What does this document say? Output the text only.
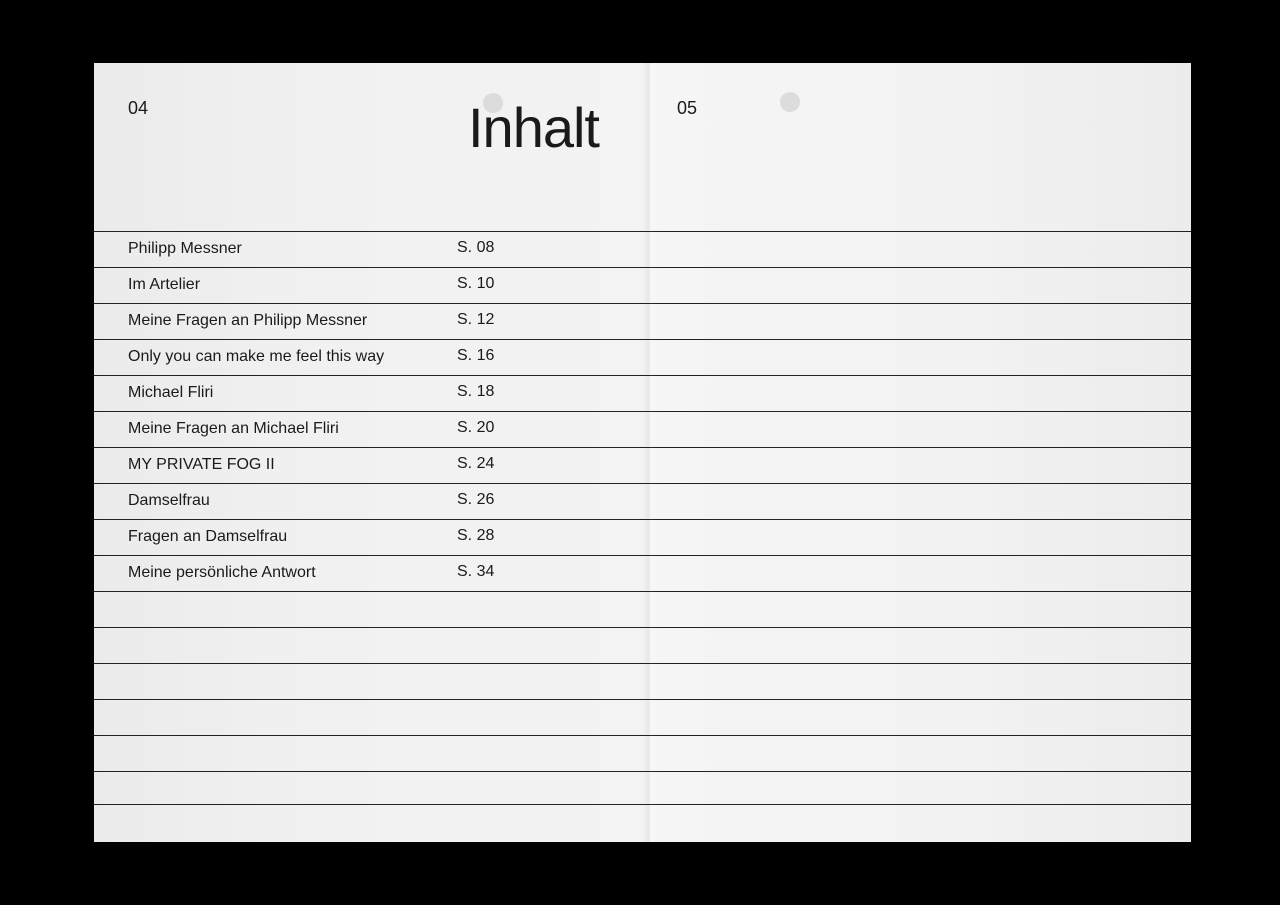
04	05
Inhalt
Philipp Messner	S. 08
Im Artelier	S. 10
Meine Fragen an Philipp Messner	S. 12
Only you can make me feel this way	S. 16
Michael Fliri	S. 18
Meine Fragen an Michael Fliri	S. 20
MY PRIVATE FOG II	S. 24
Damselfrau	S. 26
Fragen an Damselfrau	S. 28
Meine persönliche Antwort	S. 34
